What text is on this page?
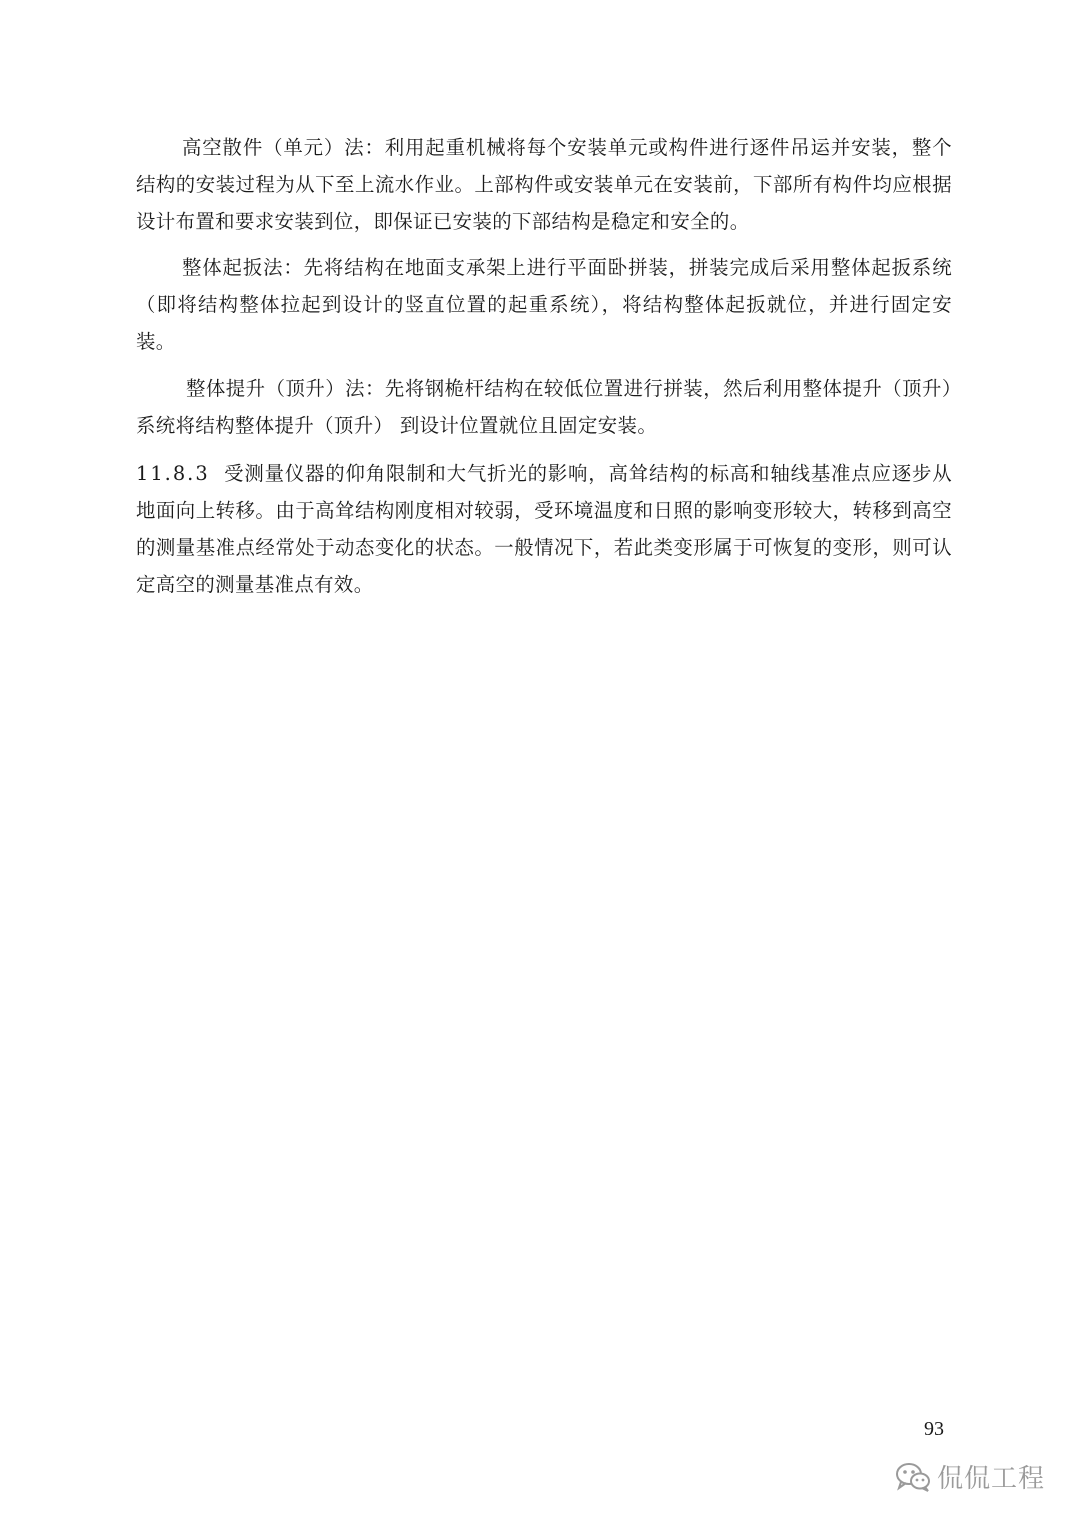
高空散件（单元）法：利用起重机械将每个安装单元或构件进行逐件吊运并安装，整个结构的安装过程为从下至上流水作业。上部构件或安装单元在安装前，下部所有构件均应根据设计布置和要求安装到位，即保证已安装的下部结构是稳定和安全的。

整体起扳法：先将结构在地面支承架上进行平面卧拼装，拼装完成后采用整体起扳系统（即将结构整体拉起到设计的竖直位置的起重系统），将结构整体起扳就位，并进行固定安装。

整体提升（顶升）法：先将钢桅杆结构在较低位置进行拼装，然后利用整体提升（顶升）系统将结构整体提升（顶升） 到设计位置就位且固定安装。

11.8.3 受测量仪器的仰角限制和大气折光的影响，高耸结构的标高和轴线基准点应逐步从地面向上转移。由于高耸结构刚度相对较弱，受环境温度和日照的影响变形较大，转移到高空的测量基准点经常处于动态变化的状态。一般情况下，若此类变形属于可恢复的变形，则可认定高空的测量基准点有效。

93
侃侃工程
